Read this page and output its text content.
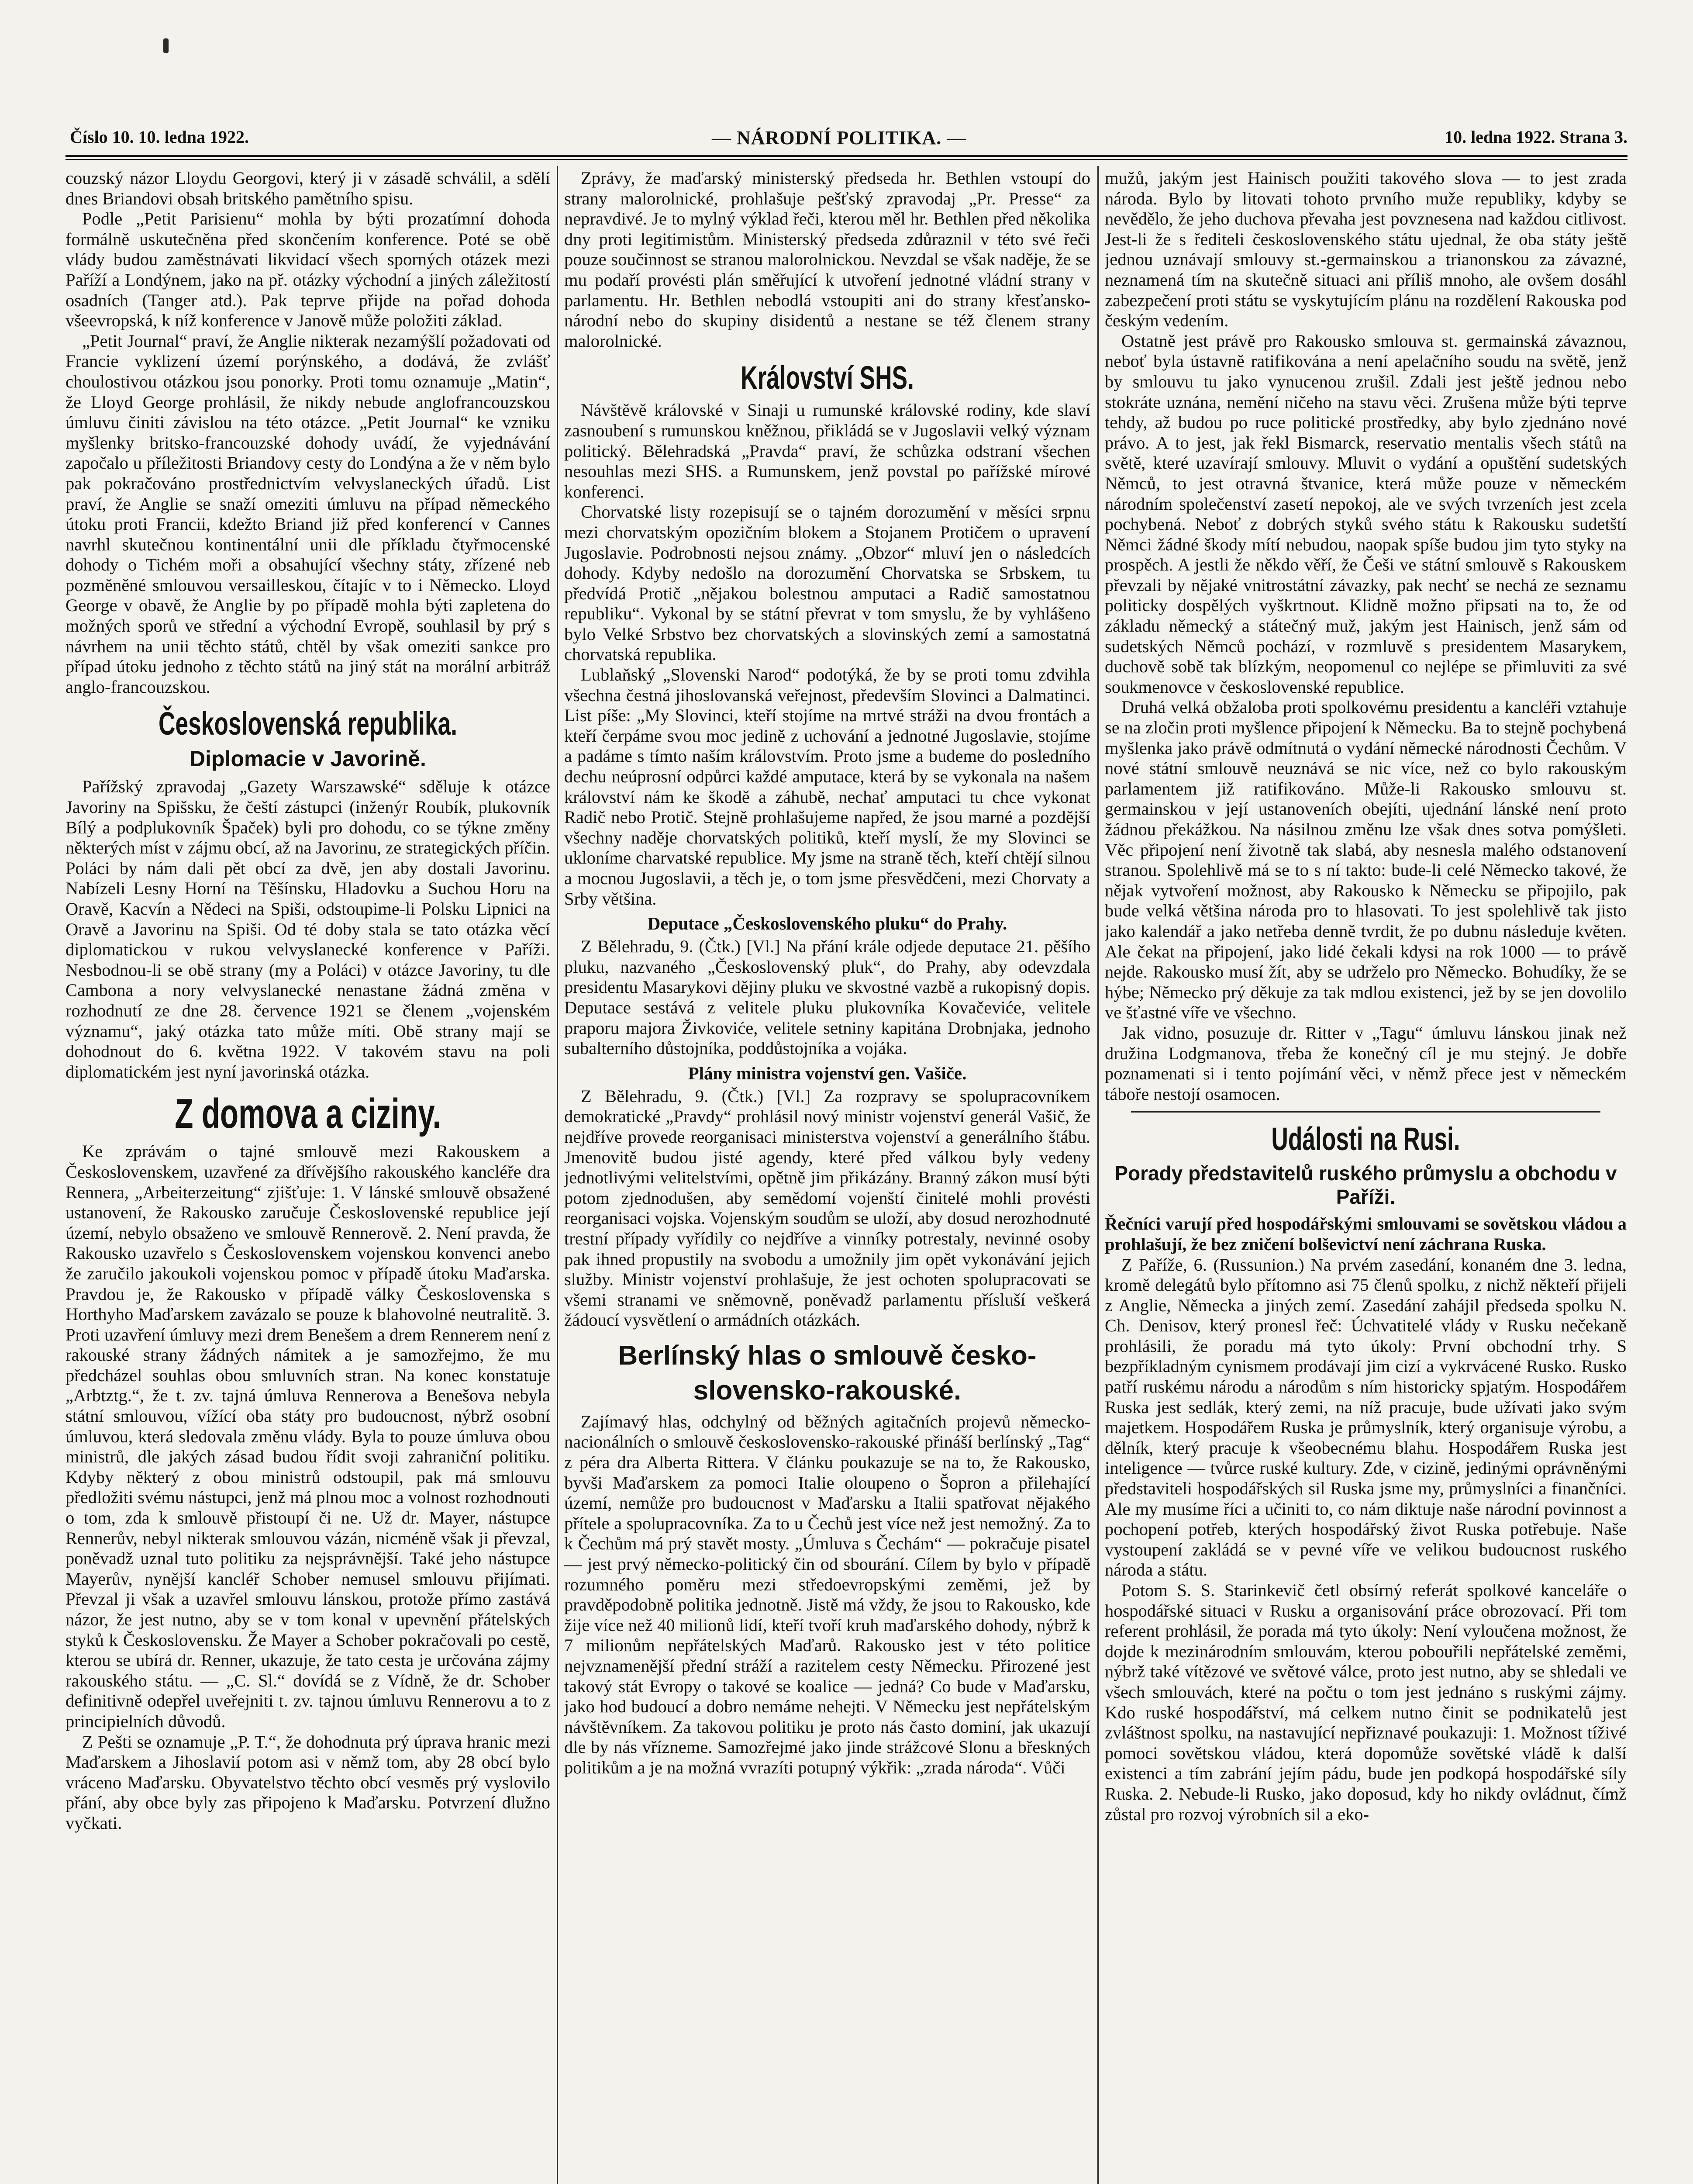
Číslo 10. 10. ledna 1922.	— NÁRODNÍ POLITIKA. —	10. ledna 1922. Strana 3.

couzský názor Lloydu Georgovi, který ji v zásadě schválil, a sdělí dnes Briandovi obsah britského pamětního spisu.

Podle „Petit Parisienu“ mohla by býti prozatímní dohoda formálně uskutečněna před skončením konference. Poté se obě vlády budou zaměstnávati likvidací všech sporných otázek mezi Paříží a Londýnem, jako na př. otázky východní a jiných záležitostí osadních (Tanger atd.). Pak teprve přijde na pořad dohoda všeevropská, k níž konference v Janově může položiti základ.

„Petit Journal“ praví, že Anglie nikterak nezamýšlí požadovati od Francie vyklizení území porýnského, a dodává, že zvlášť choulostivou otázkou jsou ponorky. Proti tomu oznamuje „Matin“, že Lloyd George prohlásil, že nikdy nebude anglofrancouzskou úmluvu činiti závislou na této otázce. „Petit Journal“ ke vzniku myšlenky britsko-francouzské dohody uvádí, že vyjednávání započalo u příležitosti Briandovy cesty do Londýna a že v něm bylo pak pokračováno prostřednictvím velvyslaneckých úřadů. List praví, že Anglie se snaží omeziti úmluvu na případ německého útoku proti Francii, kdežto Briand již před konferencí v Cannes navrhl skutečnou kontinentální unii dle příkladu čtyřmocenské dohody o Tichém moři a obsahující všechny státy, zřízené neb pozměněné smlouvou versailleskou, čítajíc v to i Německo. Lloyd George v obavě, že Anglie by po případě mohla býti zapletena do možných sporů ve střední a východní Evropě, souhlasil by prý s návrhem na unii těchto států, chtěl by však omeziti sankce pro případ útoku jednoho z těchto států na jiný stát na morální arbitráž anglo-francouzskou.

Československá republika.
Diplomacie v Javorině.

Pařížský zpravodaj „Gazety Warszawské“ sděluje k otázce Javoriny na Spišsku, že čeští zástupci (inženýr Roubík, plukovník Bílý a podplukovník Špaček) byli pro dohodu, co se týkne změny některých míst v zájmu obcí, až na Javorinu, ze strategických příčin. Poláci by nám dali pět obcí za dvě, jen aby dostali Javorinu. Nabízeli Lesny Horní na Těšínsku, Hladovku a Suchou Horu na Oravě, Kacvín a Nědeci na Spiši, odstoupime-li Polsku Lipnici na Oravě a Javorinu na Spiši. Od té doby stala se tato otázka věcí diplomatickou v rukou velvyslanecké konference v Paříži. Nesbodnou-li se obě strany (my a Poláci) v otázce Javoriny, tu dle Cambona a nory velvyslanecké nenastane žádná změna v rozhodnutí ze dne 28. července 1921 se členem „vojenském významu“, jaký otázka tato může míti. Obě strany mají se dohodnout do 6. května 1922. V takovém stavu na poli diplomatickém jest nyní javorinská otázka.

Z domova a ciziny.

Ke zprávám o tajné smlouvě mezi Rakouskem a Československem, uzavřené za dřívějšího rakouského kancléře dra Rennera, „Arbeiterzeitung“ zjišťuje: 1. V lánské smlouvě obsažené ustanovení, že Rakousko zaručuje Československé republice její území, nebylo obsaženo ve smlouvě Rennerově. 2. Není pravda, že Rakousko uzavřelo s Československem vojenskou konvenci anebo že zaručilo jakoukoli vojenskou pomoc v případě útoku Maďarska. Pravdou je, že Rakousko v případě války Československa s Horthyho Maďarskem zavázalo se pouze k blahovolné neutralitě. 3. Proti uzavření úmluvy mezi drem Benešem a drem Rennerem není z rakouské strany žádných námitek a je samozřejmo, že mu předcházel souhlas obou smluvních stran. Na konec konstatuje „Arbtztg.“, že t. zv. tajná úmluva Rennerova a Benešova nebyla státní smlouvou, vížící oba státy pro budoucnost, nýbrž osobní úmluvou, která sledovala změnu vlády. Byla to pouze úmluva obou ministrů, dle jakých zásad budou řídit svoji zahraniční politiku. Kdyby některý z obou ministrů odstoupil, pak má smlouvu předložiti svému nástupci, jenž má plnou moc a volnost rozhodnouti o tom, zda k smlouvě přistoupí či ne. Už dr. Mayer, nástupce Rennerův, nebyl nikterak smlouvou vázán, nicméně však ji převzal, poněvadž uznal tuto politiku za nejsprávnější. Také jeho nástupce Mayerův, nynější kancléř Schober nemusel smlouvu přijímati. Převzal ji však a uzavřel smlouvu lánskou, protože přímo zastává názor, že jest nutno, aby se v tom konal v upevnění přátelských styků k Československu. Že Mayer a Schober pokračovali po cestě, kterou se ubírá dr. Renner, ukazuje, že tato cesta je určována zájmy rakouského státu. — „C. Sl.“ dovídá se z Vídně, že dr. Schober definitivně odepřel uveřejniti t. zv. tajnou úmluvu Rennerovu a to z principielních důvodů.

Z Pešti se oznamuje „P. T.“, že dohodnuta prý úprava hranic mezi Maďarskem a Jihoslavií potom asi v němž tom, aby 28 obcí bylo vráceno Maďarsku. Obyvatelstvo těchto obcí vesměs prý vyslovilo přání, aby obce byly zas připojeno k Maďarsku. Potvrzení dlužno vyčkati.

Zprávy, že maďarský ministerský předseda hr. Bethlen vstoupí do strany malorolnické, prohlašuje pešťský zpravodaj „Pr. Presse“ za nepravdivé. Je to mylný výklad řeči, kterou měl hr. Bethlen před několika dny proti legitimistům. Ministerský předseda zdůraznil v této své řeči pouze součinnost se stranou malorolnickou. Nevzdal se však naděje, že se mu podaří provésti plán směřující k utvoření jednotné vládní strany v parlamentu. Hr. Bethlen nebodlá vstoupiti ani do strany křesťansko-národní nebo do skupiny disidentů a nestane se též členem strany malorolnické.

Království SHS.

Návštěvě královské v Sinaji u rumunské královské rodiny, kde slaví zasnoubení s rumunskou kněžnou, přikládá se v Jugoslavii velký význam politický. Bělehradská „Pravda“ praví, že schůzka odstraní všechen nesouhlas mezi SHS. a Rumunskem, jenž povstal po pařížské mírové konferenci.

Chorvatské listy rozepisují se o tajném dorozumění v měsíci srpnu mezi chorvatským opozičním blokem a Stojanem Protičem o upravení Jugoslavie. Podrobnosti nejsou známy. „Obzor“ mluví jen o následcích dohody. Kdyby nedošlo na dorozumění Chorvatska se Srbskem, tu předvídá Protič „nějakou bolestnou amputaci a Radič samostatnou republiku“. Vykonal by se státní převrat v tom smyslu, že by vyhlášeno bylo Velké Srbstvo bez chorvatských a slovinských zemí a samostatná chorvatská republika.

Lublaňský „Slovenski Narod“ podotýká, že by se proti tomu zdvihla všechna čestná jihoslovanská veřejnost, především Slovinci a Dalmatinci. List píše: „My Slovinci, kteří stojíme na mrtvé stráži na dvou frontách a kteří čerpáme svou moc jedině z uchování a jednotné Jugoslavie, stojíme a padáme s tímto naším královstvím. Proto jsme a budeme do posledního dechu neúprosní odpůrci každé amputace, která by se vykonala na našem království nám ke škodě a záhubě, nechať amputaci tu chce vykonat Radič nebo Protič. Stejně prohlašujeme napřed, že jsou marné a pozdější všechny naděje chorvatských politiků, kteří myslí, že my Slovinci se ukloníme charvatské republice. My jsme na straně těch, kteří chtějí silnou a mocnou Jugoslavii, a těch je, o tom jsme přesvědčeni, mezi Chorvaty a Srby většina.

Deputace „Československého pluku“ do Prahy.

Z Bělehradu, 9. (Čtk.) [Vl.] Na přání krále odjede deputace 21. pěšího pluku, nazvaného „Československý pluk“, do Prahy, aby odevzdala presidentu Masarykovi dějiny pluku ve skvostné vazbě a rukopisný dopis. Deputace sestává z velitele pluku plukovníka Kovačeviće, velitele praporu majora Živkoviće, velitele setniny kapitána Drobnjaka, jednoho subalterního důstojníka, poddůstojníka a vojáka.

Plány ministra vojenství gen. Vašiče.

Z Bělehradu, 9. (Čtk.) [Vl.] Za rozpravy se spolupracovníkem demokratické „Pravdy“ prohlásil nový ministr vojenství generál Vašič, že nejdříve provede reorganisaci ministerstva vojenství a generálního štábu. Jmenovitě budou jisté agendy, které před válkou byly vedeny jednotlivými velitelstvími, opětně jim přikázány. Branný zákon musí býti potom zjednodušen, aby semědomí vojenští činitelé mohli provésti reorganisaci vojska. Vojenským soudům se uloží, aby dosud nerozhodnuté trestní případy vyřídily co nejdříve a vinníky potrestaly, nevinné osoby pak ihned propustily na svobodu a umožnily jim opět vykonávání jejich služby. Ministr vojenství prohlašuje, že jest ochoten spolupracovati se všemi stranami ve sněmovně, poněvadž parlamentu přísluší veškerá žádoucí vysvětlení o armádních otázkách.

Berlínský hlas o smlouvě česko-slovensko-rakouské.

Zajímavý hlas, odchylný od běžných agitačních projevů německo-nacionálních o smlouvě československo-rakouské přináší berlínský „Tag“ z péra dra Alberta Rittera. V článku poukazuje se na to, že Rakousko, byvši Maďarskem za pomoci Italie oloupeno o Šopron a přilehající území, nemůže pro budoucnost v Maďarsku a Italii spatřovat nějakého přítele a spolupracovníka. Za to u Čechů jest více než jest nemožný. Za to k Čechům má prý stavět mosty. „Úmluva s Čechám“ — pokračuje pisatel — jest prvý německo-politický čin od sbourání. Cílem by bylo v případě rozumného poměru mezi středoevropskými zeměmi, jež by pravděpodobně politika jednotně. Jistě má vždy, že jsou to Rakousko, kde žije více než 40 milionů lidí, kteří tvoří kruh maďarského dohody, nýbrž k 7 milionům nepřátelských Maďarů. Rakousko jest v této politice nejvznamenější přední stráží a razitelem cesty Německu. Přirozené jest takový stát Evropy o takové se koalice — jedná? Co bude v Maďarsku, jako hod budoucí a dobro nemáme nehejti. V Německu jest nepřátelským návštěvníkem. Za takovou politiku je proto nás často dominí, jak ukazují dle by nás vřízneme. Samozřejmé jako jinde strážcové Slonu a břeskných politikům a je na možná vvrazíti potupný výkřik: „zrada národa“. Vůči

mužů, jakým jest Hainisch použiti takového slova — to jest zrada národa. Bylo by litovati tohoto prvního muže republiky, kdyby se nevědělo, že jeho duchova převaha jest povznesena nad každou citlivost. Jest-li že s řediteli československého státu ujednal, že oba státy ještě jednou uznávají smlouvy st.-germainskou a trianonskou za závazné, neznamená tím na skutečně situaci ani příliš mnoho, ale ovšem dosáhl zabezpečení proti státu se vyskytujícím plánu na rozdělení Rakouska pod českým vedením.

Ostatně jest právě pro Rakousko smlouva st. germainská závaznou, neboť byla ústavně ratifikována a není apelačního soudu na světě, jenž by smlouvu tu jako vynucenou zrušil. Zdali jest ještě jednou nebo stokráte uznána, nemění ničeho na stavu věci. Zrušena může býti teprve tehdy, až budou po ruce politické prostředky, aby bylo zjednáno nové právo. A to jest, jak řekl Bismarck, reservatio mentalis všech států na světě, které uzavírají smlouvy. Mluvit o vydání a opuštění sudetských Němců, to jest otravná štvanice, která může pouze v německém národním společenství zasetí nepokoj, ale ve svých tvrzeních jest zcela pochybená. Neboť z dobrých styků svého státu k Rakousku sudetští Němci žádné škody mítí nebudou, naopak spíše budou jim tyto styky na prospěch. A jestli že někdo věří, že Češi ve státní smlouvě s Rakouskem převzali by nějaké vnitrostátní závazky, pak nechť se nechá ze seznamu politicky dospělých vyškrtnout. Klidně možno připsati na to, že od základu německý a státečný muž, jakým jest Hainisch, jenž sám od sudetských Němců pochází, v rozmluvě s presidentem Masarykem, duchově sobě tak blízkým, neopomenul co nejlépe se přimluviti za své soukmenovce v československé republice.

Druhá velká obžaloba proti spolkovému presidentu a kancléři vztahuje se na zločin proti myšlence připojení k Německu. Ba to stejně pochybená myšlenka jako právě odmítnutá o vydání německé národnosti Čechům. V nové státní smlouvě neuznává se nic více, než co bylo rakouským parlamentem již ratifikováno. Může-li Rakousko smlouvu st. germainskou v její ustanoveních obejíti, ujednání lánské není proto žádnou překážkou. Na násilnou změnu lze však dnes sotva pomýšleti. Věc připojení není životně tak slabá, aby nesnesla malého odstanovení stranou. Spolehlivě má se to s ní takto: bude-li celé Německo takové, že nějak vytvoření možnost, aby Rakousko k Německu se připojilo, pak bude velká většina národa pro to hlasovati. To jest spolehlivě tak jisto jako kalendář a jako netřeba denně tvrdit, že po dubnu následuje květen. Ale čekat na připojení, jako lidé čekali kdysi na rok 1000 — to právě nejde. Rakousko musí žít, aby se udrželo pro Německo. Bohudíky, že se hýbe; Německo prý děkuje za tak mdlou existenci, jež by se jen dovolilo ve šťastné víře ve všechno.

Jak vidno, posuzuje dr. Ritter v „Tagu“ úmluvu lánskou jinak než družina Lodgmanova, třeba že konečný cíl je mu stejný. Je dobře poznamenati si i tento pojímání věci, v němž přece jest v německém táboře nestojí osamocen.

Události na Rusi.
Porady představitelů ruského průmyslu a obchodu v Paříži.

Řečníci varují před hospodářskými smlouvami se sovětskou vládou a prohlašují, že bez zničení bolševictví není záchrana Ruska.

Z Paříže, 6. (Russunion.) Na prvém zasedání, konaném dne 3. ledna, kromě delegátů bylo přítomno asi 75 členů spolku, z nichž někteří přijeli z Anglie, Německa a jiných zemí. Zasedání zahájil předseda spolku N. Ch. Denisov, který pronesl řeč: Úchvatitelé vlády v Rusku nečekaně prohlásili, že poradu má tyto úkoly: První obchodní trhy. S bezpříkladným cynismem prodávají jim cizí a vykrvácené Rusko. Rusko patří ruskému národu a národům s ním historicky spjatým. Hospodářem Ruska jest sedlák, který zemi, na níž pracuje, bude užívati jako svým majetkem. Hospodářem Ruska je průmyslník, který organisuje výrobu, a dělník, který pracuje k všeobecnému blahu. Hospodářem Ruska jest inteligence — tvůrce ruské kultury. Zde, v cizině, jedinými oprávněnými představiteli hospodářských sil Ruska jsme my, průmyslníci a finančníci. Ale my musíme říci a učiniti to, co nám diktuje naše národní povinnost a pochopení potřeb, kterých hospodářský život Ruska potřebuje. Naše vystoupení zakládá se v pevné víře ve velikou budoucnost ruského národa a státu.

Potom S. S. Starinkevič četl obsírný referát spolkové kanceláře o hospodářské situaci v Rusku a organisování práce obrozovací. Při tom referent prohlásil, že porada má tyto úkoly: Není vyloučena možnost, že dojde k mezinárodním smlouvám, kterou pobouřili nepřátelské zeměmi, nýbrž také vítězové ve světové válce, proto jest nutno, aby se shledali ve všech smlouvách, které na počtu o tom jest jednáno s ruskými zájmy. Kdo ruské hospodářství, má celkem nutno činit se podnikatelů jest zvláštnost spolku, na nastavující nepřiznavé poukazuji: 1. Možnost tíživé pomoci sovětskou vládou, která dopomůže sovětské vládě k další existenci a tím zabrání jejím pádu, bude jen podkopá hospodářské síly Ruska. 2. Nebude-li Rusko, jako doposud, kdy ho nikdy ovládnut, čímž zůstal pro rozvoj výrobních sil a eko-
